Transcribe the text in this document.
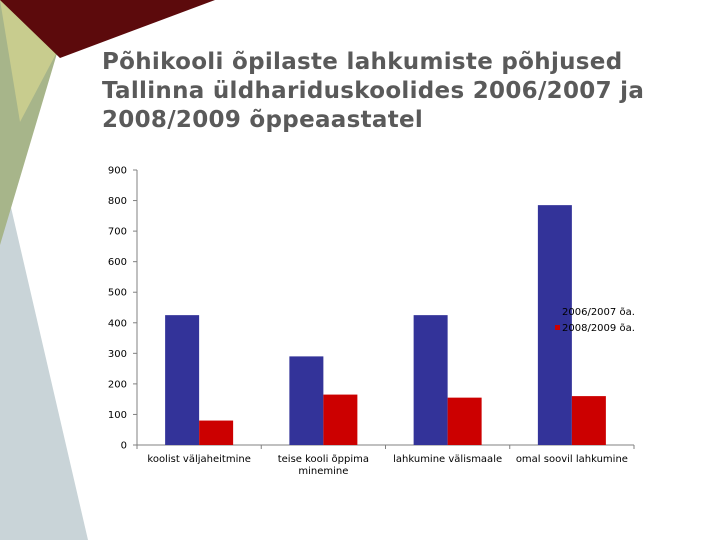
Põhikooli õpilaste lahkumiste põhjused
Tallinna üldhariduskoolides 2006/2007 ja
2008/2009 õppeaastatel
0
100
200
300
400
500
600
700
800
900
koolist väljaheitmine	teise kooli õppima
minemine
lahkumine välismaale omal soovil lahkumine
2006/2007 õa.
2008/2009 õa.
